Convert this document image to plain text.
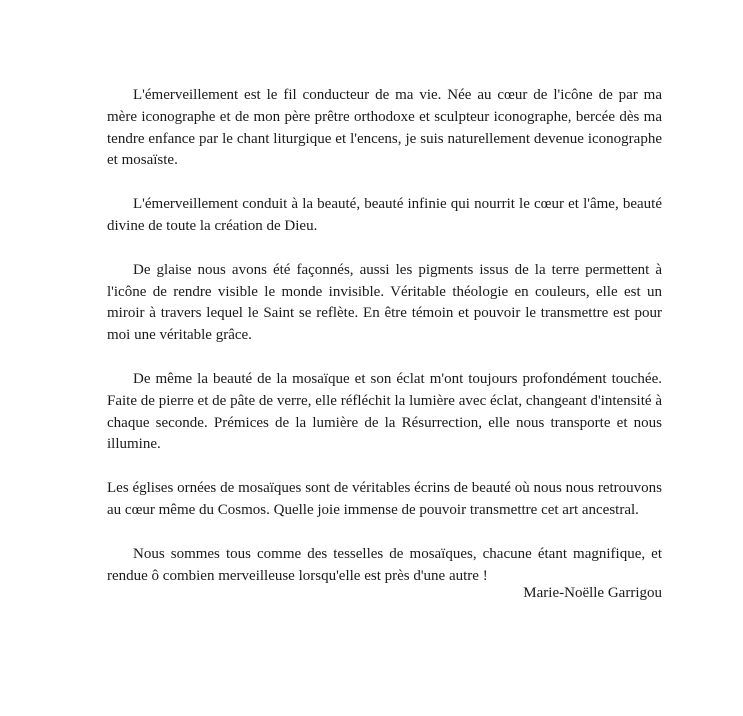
L'émerveillement est le fil conducteur de ma vie. Née au cœur de l'icône de par ma mère iconographe et de mon père prêtre orthodoxe et sculpteur iconographe, bercée dès ma tendre enfance par le chant liturgique et l'encens, je suis naturellement devenue iconographe et mosaïste.

L'émerveillement conduit à la beauté, beauté infinie qui nourrit le cœur et l'âme, beauté divine de toute la création de Dieu.

De glaise nous avons été façonnés, aussi les pigments issus de la terre permettent à l'icône de rendre visible le monde invisible. Véritable théologie en couleurs, elle est un miroir à travers lequel le Saint se reflète. En être témoin et pouvoir le transmettre est pour moi une véritable grâce.

De même la beauté de la mosaïque et son éclat m'ont toujours profondément touchée. Faite de pierre et de pâte de verre, elle réfléchit la lumière avec éclat, changeant d'intensité à chaque seconde. Prémices de la lumière de la Résurrection, elle nous transporte et nous illumine.

Les églises ornées de mosaïques sont de véritables écrins de beauté où nous nous retrouvons au cœur même du Cosmos. Quelle joie immense de pouvoir transmettre cet art ancestral.

Nous sommes tous comme des tesselles de mosaïques, chacune étant magnifique, et rendue ô combien merveilleuse lorsqu'elle est près d'une autre !

Marie-Noëlle Garrigou
